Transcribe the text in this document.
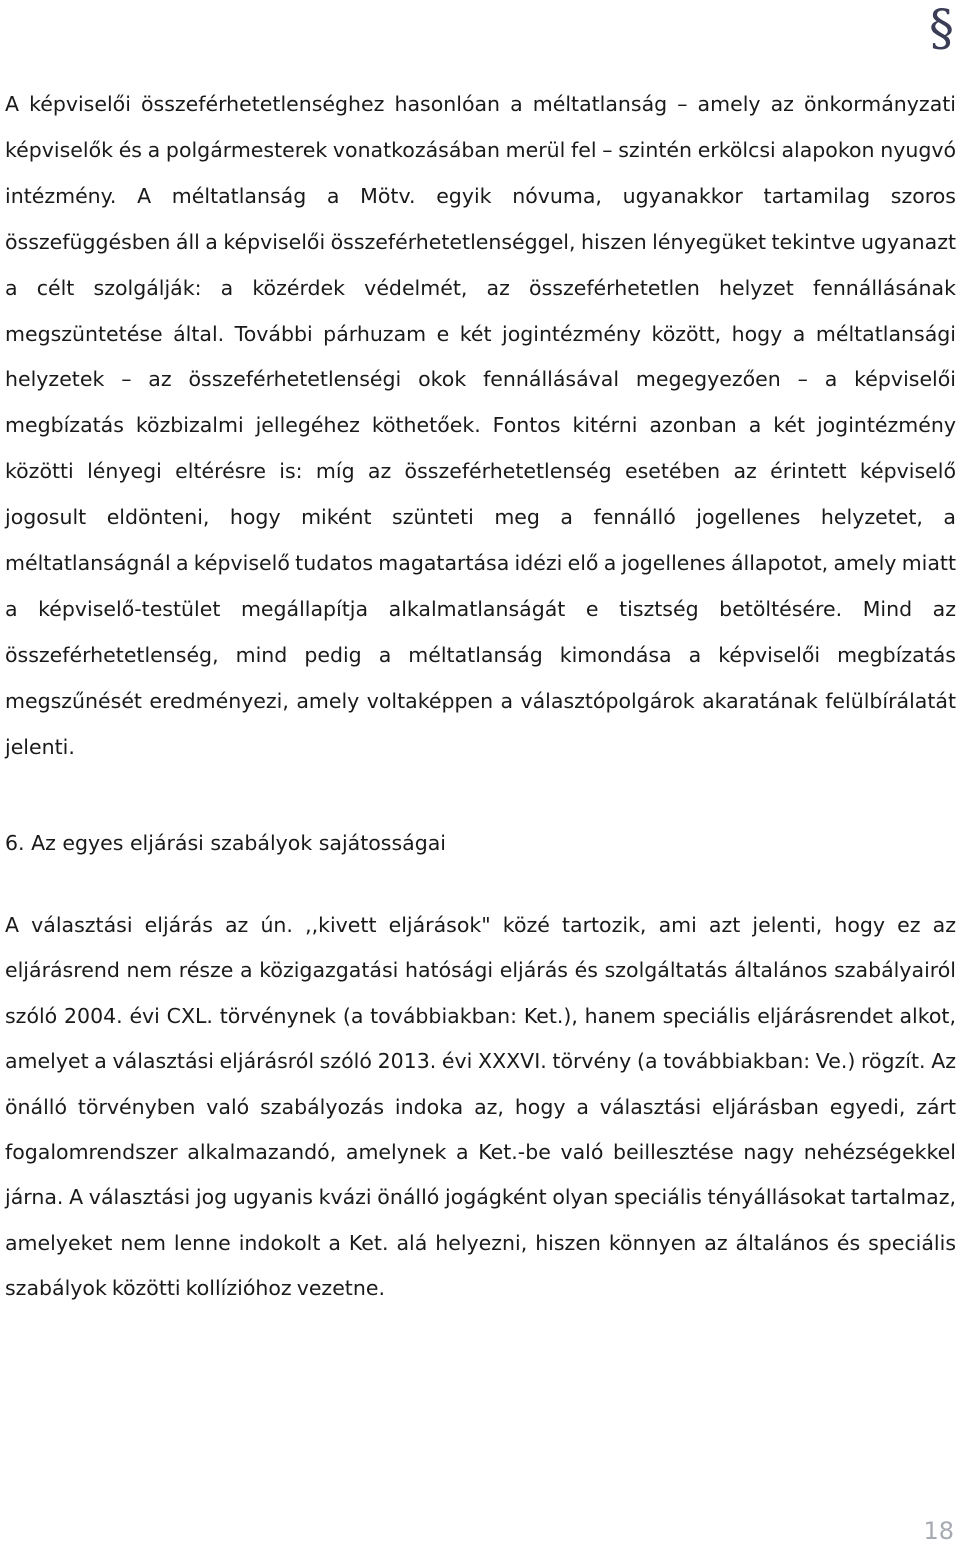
§

A képviselői összeférhetetlenséghez hasonlóan a méltatlanság – amely az önkormányzati képviselők és a polgármesterek vonatkozásában merül fel – szintén erkölcsi alapokon nyugvó intézmény. A méltatlanság a Mötv. egyik nóvuma, ugyanakkor tartamilag szoros összefüggésben áll a képviselői összeférhetetlenséggel, hiszen lényegüket tekintve ugyanazt a célt szolgálják: a közérdek védelmét, az összeférhetetlen helyzet fennállásának megszüntetése által. További párhuzam e két jogintézmény között, hogy a méltatlansági helyzetek – az összeférhetetlenségi okok fennállásával megegyezően – a képviselői megbízatás közbizalmi jellegéhez köthetőek. Fontos kitérni azonban a két jogintézmény közötti lényegi eltérésre is: míg az összeférhetetlenség esetében az érintett képviselő jogosult eldönteni, hogy miként szünteti meg a fennálló jogellenes helyzetet, a méltatlanságnál a képviselő tudatos magatartása idézi elő a jogellenes állapotot, amely miatt a képviselő-testület megállapítja alkalmatlanságát e tisztség betöltésére. Mind az összeférhetetlenség, mind pedig a méltatlanság kimondása a képviselői megbízatás megszűnését eredményezi, amely voltaképpen a választópolgárok akaratának felülbírálatát jelenti.

6. Az egyes eljárási szabályok sajátosságai

A választási eljárás az ún. ,,kivett eljárások" közé tartozik, ami azt jelenti, hogy ez az eljárásrend nem része a közigazgatási hatósági eljárás és szolgáltatás általános szabályairól szóló 2004. évi CXL. törvénynek (a továbbiakban: Ket.), hanem speciális eljárásrendet alkot, amelyet a választási eljárásról szóló 2013. évi XXXVI. törvény (a továbbiakban: Ve.) rögzít. Az önálló törvényben való szabályozás indoka az, hogy a választási eljárásban egyedi, zárt fogalomrendszer alkalmazandó, amelynek a Ket.-be való beillesztése nagy nehézségekkel járna. A választási jog ugyanis kvázi önálló jogágként olyan speciális tényállásokat tartalmaz, amelyeket nem lenne indokolt a Ket. alá helyezni, hiszen könnyen az általános és speciális szabályok közötti kollízióhoz vezetne.

18
